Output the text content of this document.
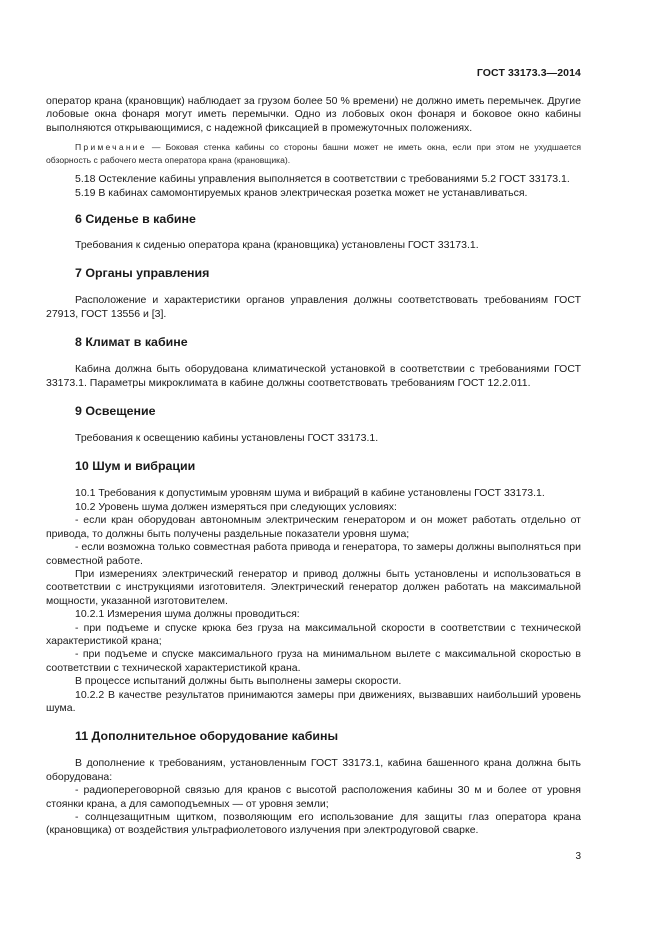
ГОСТ 33173.3—2014

оператор крана (крановщик) наблюдает за грузом более 50 % времени) не должно иметь перемычек. Другие лобовые окна фонаря могут иметь перемычки. Одно из лобовых окон фонаря и боковое окно кабины выполняются открывающимися, с надежной фиксацией в промежуточных положениях.

Примечание — Боковая стенка кабины со стороны башни может не иметь окна, если при этом не ухудшается обзорность с рабочего места оператора крана (крановщика).

5.18 Остекление кабины управления выполняется в соответствии с требованиями 5.2 ГОСТ 33173.1.

5.19 В кабинах самомонтируемых кранов электрическая розетка может не устанавливаться.

6 Сиденье в кабине

Требования к сиденью оператора крана (крановщика) установлены ГОСТ 33173.1.

7 Органы управления

Расположение и характеристики органов управления должны соответствовать требованиям ГОСТ 27913, ГОСТ 13556 и [3].

8 Климат в кабине

Кабина должна быть оборудована климатической установкой в соответствии с требованиями ГОСТ 33173.1. Параметры микроклимата в кабине должны соответствовать требованиям ГОСТ 12.2.011.

9 Освещение

Требования к освещению кабины установлены ГОСТ 33173.1.

10 Шум и вибрации

10.1 Требования к допустимым уровням шума и вибраций в кабине установлены ГОСТ 33173.1.

10.2 Уровень шума должен измеряться при следующих условиях:

- если кран оборудован автономным электрическим генератором и он может работать отдельно от привода, то должны быть получены раздельные показатели уровня шума;

- если возможна только совместная работа привода и генератора, то замеры должны выполняться при совместной работе.

При измерениях электрический генератор и привод должны быть установлены и использоваться в соответствии с инструкциями изготовителя. Электрический генератор должен работать на максимальной мощности, указанной изготовителем.

10.2.1 Измерения шума должны проводиться:

- при подъеме и спуске крюка без груза на максимальной скорости в соответствии с технической характеристикой крана;

- при подъеме и спуске максимального груза на минимальном вылете с максимальной скоростью в соответствии с технической характеристикой крана.

В процессе испытаний должны быть выполнены замеры скорости.

10.2.2 В качестве результатов принимаются замеры при движениях, вызвавших наибольший уровень шума.

11 Дополнительное оборудование кабины

В дополнение к требованиям, установленным ГОСТ 33173.1, кабина башенного крана должна быть оборудована:

- радиопереговорной связью для кранов с высотой расположения кабины 30 м и более от уровня стоянки крана, а для самоподъемных — от уровня земли;

- солнцезащитным щитком, позволяющим его использование для защиты глаз оператора крана (крановщика) от воздействия ультрафиолетового излучения при электродуговой сварке.

3
